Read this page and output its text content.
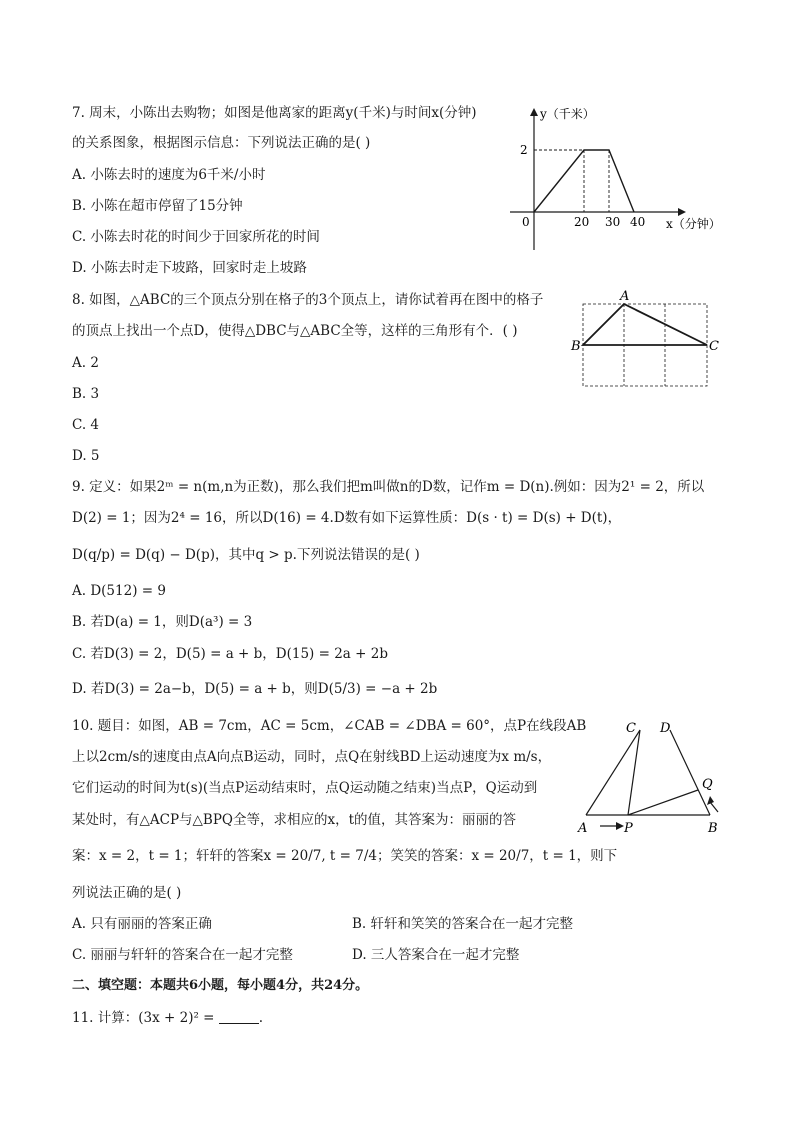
7. 周末，小陈出去购物；如图是他离家的距离y(千米)与时间x(分钟)
的关系图象，根据图示信息：下列说法正确的是( )
A. 小陈去时的速度为6千米/小时
B. 小陈在超市停留了15分钟
C. 小陈去时花的时间少于回家所花的时间
D. 小陈去时走下坡路，回家时走上坡路
y（千米）
x（分钟）
0
2
20 30 40
8. 如图，△ABC的三个顶点分别在格子的3个顶点上，请你试着再在图中的格子
的顶点上找出一个点D，使得△DBC与△ABC全等，这样的三角形有个．( )
A. 2
B. 3
C. 4
D. 5
A
B	C
9. 定义：如果2ᵐ = n(m,n为正数)，那么我们把m叫做n的D数，记作m = D(n).例如：因为2¹ = 2，所以
D(2) = 1；因为2⁴ = 16，所以D(16) = 4.D数有如下运算性质：D(s · t) = D(s) + D(t)，
D(q/p) = D(q) − D(p)，其中q > p.下列说法错误的是( )
A. D(512) = 9
B. 若D(a) = 1，则D(a³) = 3
C. 若D(3) = 2，D(5) = a + b，D(15) = 2a + 2b
D. 若D(3) = 2a−b，D(5) = a + b，则D(5/3) = −a + 2b
10. 题目：如图，AB = 7cm，AC = 5cm，∠CAB = ∠DBA = 60°，点P在线段AB
上以2cm/s的速度由点A向点B运动，同时，点Q在射线BD上运动速度为x m/s，
它们运动的时间为t(s)(当点P运动结束时，点Q运动随之结束)当点P，Q运动到
某处时，有△ACP与△BPQ全等，求相应的x，t的值，其答案为：丽丽的答
案：x = 2，t = 1；轩轩的答案x = 20/7, t = 7/4；笑笑的答案：x = 20/7，t = 1，则下
列说法正确的是( )
A. 只有丽丽的答案正确	B. 轩轩和笑笑的答案合在一起才完整
C. 丽丽与轩轩的答案合在一起才完整	D. 三人答案合在一起才完整
C D
Q
A	P	B
二、填空题：本题共6小题，每小题4分，共24分。
11. 计算：(3x + 2)² =	.
